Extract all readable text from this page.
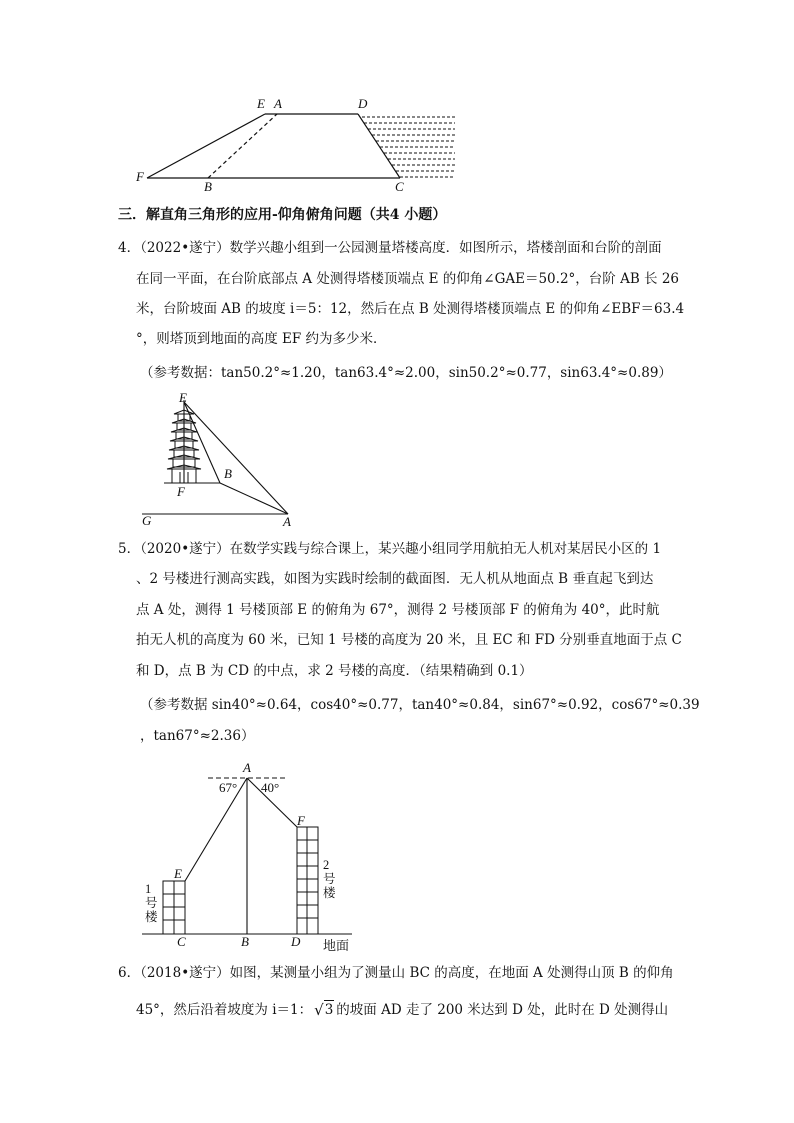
E A	D
F
B	C
三．解直角三角形的应用-仰角俯角问题（共4 小题）
4．（2022•遂宁）数学兴趣小组到一公园测量塔楼高度．如图所示，塔楼剖面和台阶的剖面
在同一平面，在台阶底部点 A 处测得塔楼顶端点 E 的仰角∠GAE＝50.2°，台阶 AB 长 26
米，台阶坡面 AB 的坡度 i＝5：12，然后在点 B 处测得塔楼顶端点 E 的仰角∠EBF＝63.4
°，则塔顶到地面的高度 EF 约为多少米．
（参考数据：tan50.2°≈1.20，tan63.4°≈2.00，sin50.2°≈0.77，sin63.4°≈0.89）
E
B
F
G	A
5．（2020•遂宁）在数学实践与综合课上，某兴趣小组同学用航拍无人机对某居民小区的 1
、2 号楼进行测高实践，如图为实践时绘制的截面图．无人机从地面点 B 垂直起飞到达
点 A 处，测得 1 号楼顶部 E 的俯角为 67°，测得 2 号楼顶部 F 的俯角为 40°，此时航
拍无人机的高度为 60 米，已知 1 号楼的高度为 20 米，且 EC 和 FD 分别垂直地面于点 C
和 D，点 B 为 CD 的中点，求 2 号楼的高度．（结果精确到 0.1）
（参考数据 sin40°≈0.64，cos40°≈0.77，tan40°≈0.84，sin67°≈0.92，cos67°≈0.39
，tan67°≈2.36）
A
67° 40°
F
E
1号楼
2号楼
C	B	D 地面
6．（2018•遂宁）如图，某测量小组为了测量山 BC 的高度，在地面 A 处测得山顶 B 的仰角
45°，然后沿着坡度为 i＝1： √ 3 的坡面 AD 走了 200 米达到 D 处，此时在 D 处测得山
